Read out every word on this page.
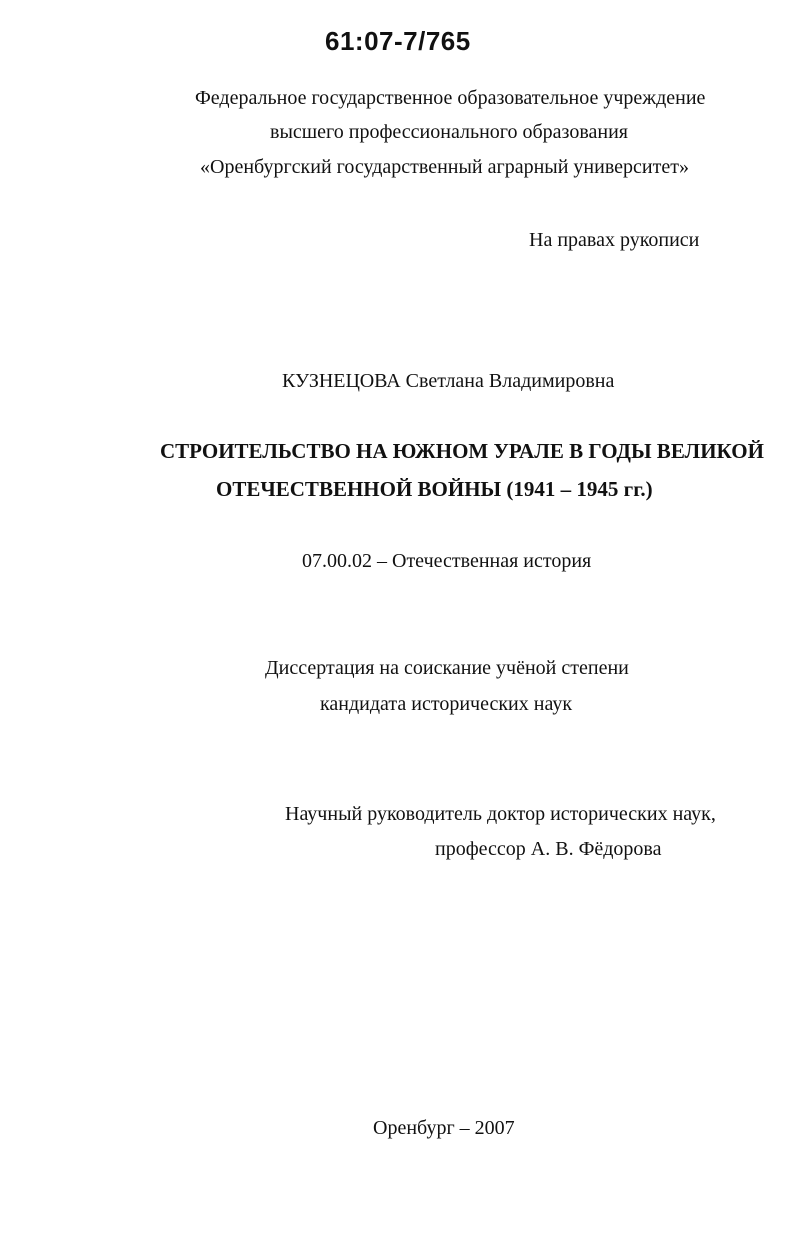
61:07-7/765
Федеральное государственное образовательное учреждение
высшего профессионального образования
«Оренбургский государственный аграрный университет»
На правах рукописи
КУЗНЕЦОВА Светлана Владимировна
СТРОИТЕЛЬСТВО НА ЮЖНОМ УРАЛЕ В ГОДЫ ВЕЛИКОЙ
ОТЕЧЕСТВЕННОЙ ВОЙНЫ (1941 – 1945 гг.)
07.00.02 – Отечественная история
Диссертация на соискание учёной степени
кандидата исторических наук
Научный руководитель доктор исторических наук,
профессор А. В. Фёдорова
Оренбург – 2007
